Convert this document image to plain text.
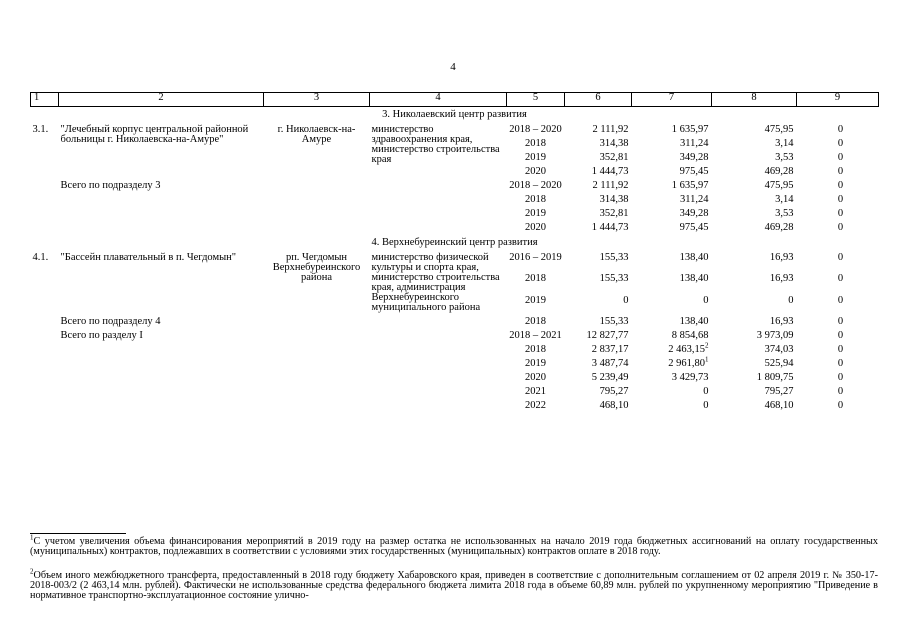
4
1	2	3	4	5	6	7	8	9
3. Николаевский центр развития								
3.1.	"Лечебный корпус центральной районной больницы г. Николаевска-на-Амуре"	г. Николаевск-на-Амуре	министерство здравоохранения края, министерство строительства края	2018 – 2020	2 111,92	1 635,97	475,95	0
				2018	314,38	311,24	3,14	0
				2019	352,81	349,28	3,53	0
				2020	1 444,73	975,45	469,28	0
	Всего по подразделу 3			2018 – 2020	2 111,92	1 635,97	475,95	0
				2018	314,38	311,24	3,14	0
				2019	352,81	349,28	3,53	0
				2020	1 444,73	975,45	469,28	0
4. Верхнебуреинский центр развития								
4.1.	"Бассейн плавательный в п. Чегдомын"	рп. Чегдомын Верхнебуреинского района	министерство физической культуры и спорта края, министерство строительства края, администрация Верхнебуреинского муниципального района	2016 – 2019	155,33	138,40	16,93	0
				2018	155,33	138,40	16,93	0
				2019	0	0	0	0
	Всего по подразделу 4			2018	155,33	138,40	16,93	0
	Всего по разделу I			2018 – 2021	12 827,77	8 854,68	3 973,09	0
				2018	2 837,17	2 463,15$^2$	374,03	0
				2019	3 487,74	2 961,80$^1$	525,94	0
				2020	5 239,49	3 429,73	1 809,75	0
				2021	795,27	0	795,27	0
				2022	468,10	0	468,10	0
$^1$С учетом увеличения объема финансирования мероприятий в 2019 году на размер остатка не использованных на начало 2019 года бюджетных ассигнований на оплату государственных (муниципальных) контрактов, подлежавших в соответствии с условиями этих государственных (муниципальных) контрактов оплате в 2018 году.
$^2$Объем иного межбюджетного трансферта, предоставленный в 2018 году бюджету Хабаровского края, приведен в соответствие с дополнительным соглашением от 02 апреля 2019 г. № 350-17-2018-003/2 (2 463,14 млн. рублей). Фактически не использованные средства федерального бюджета лимита 2018 года в объеме 60,89 млн. рублей по укрупненному мероприятию "Приведение в нормативное транспортно-эксплуатационное состояние улично-
